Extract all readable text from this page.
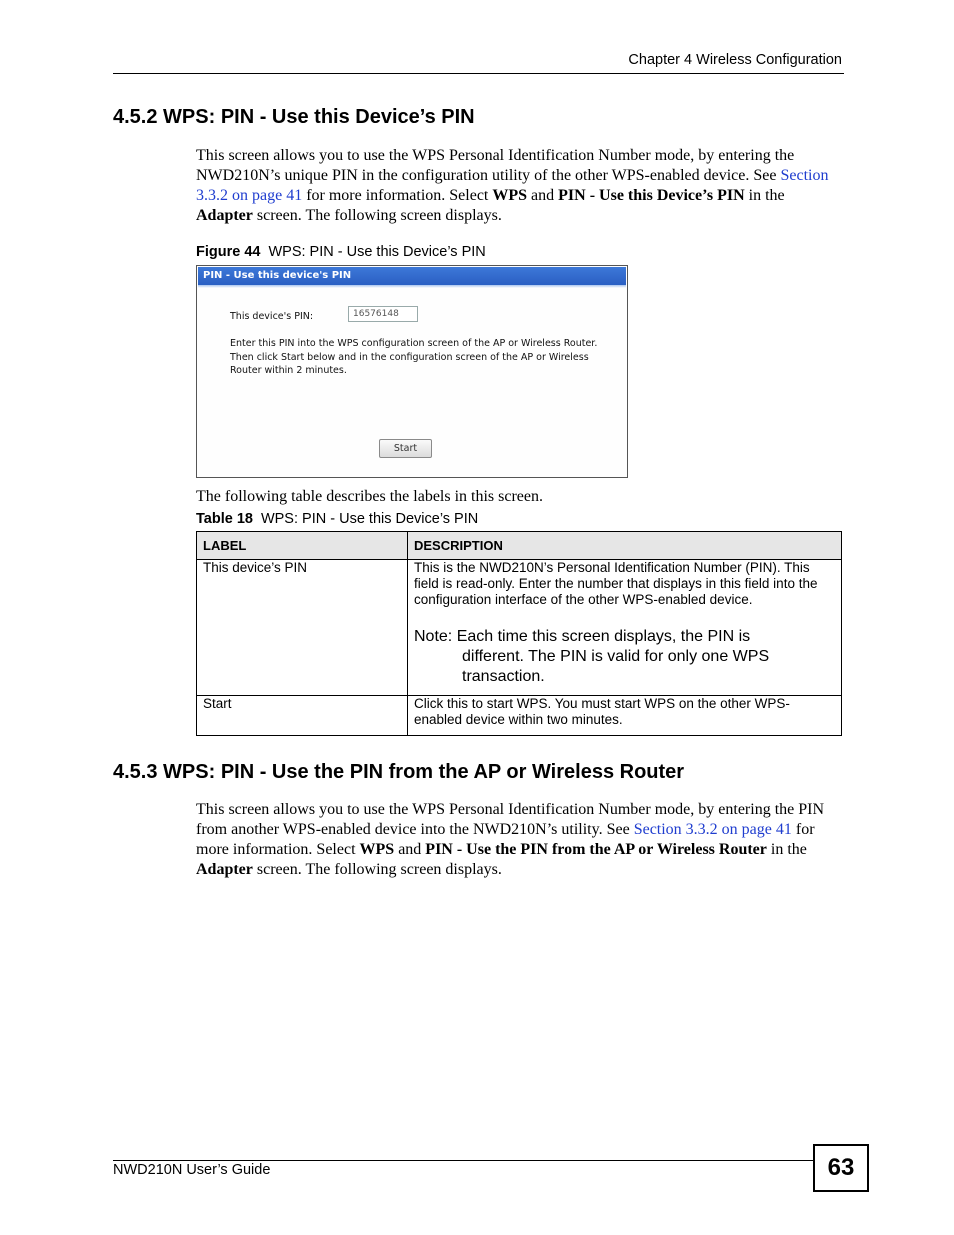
Chapter 4 Wireless Configuration
4.5.2 WPS: PIN - Use this Device’s PIN
This screen allows you to use the WPS Personal Identification Number mode, by entering the NWD210N’s unique PIN in the configuration utility of the other WPS-enabled device. See Section 3.3.2 on page 41 for more information. Select WPS and PIN - Use this Device’s PIN in the Adapter screen. The following screen displays.
Figure 44 WPS: PIN - Use this Device’s PIN
PIN - Use this device's PIN
This device's PIN:	16576148
Enter this PIN into the WPS configuration screen of the AP or Wireless Router. Then click Start below and in the configuration screen of the AP or Wireless Router within 2 minutes.
Start
The following table describes the labels in this screen.
Table 18 WPS: PIN - Use this Device’s PIN
LABEL	DESCRIPTION
This device’s PIN	This is the NWD210N’s Personal Identification Number (PIN). This field is read-only. Enter the number that displays in this field into the configuration interface of the other WPS-enabled device.
Note: Each time this screen displays, the PIN is
different. The PIN is valid for only one WPS transaction.

Start	Click this to start WPS. You must start WPS on the other WPS-enabled device within two minutes.
4.5.3 WPS: PIN - Use the PIN from the AP or Wireless Router
This screen allows you to use the WPS Personal Identification Number mode, by entering the PIN from another WPS-enabled device into the NWD210N’s utility. See Section 3.3.2 on page 41 for more information. Select WPS and PIN - Use the PIN from the AP or Wireless Router in the Adapter screen. The following screen displays.
NWD210N User’s Guide	63
